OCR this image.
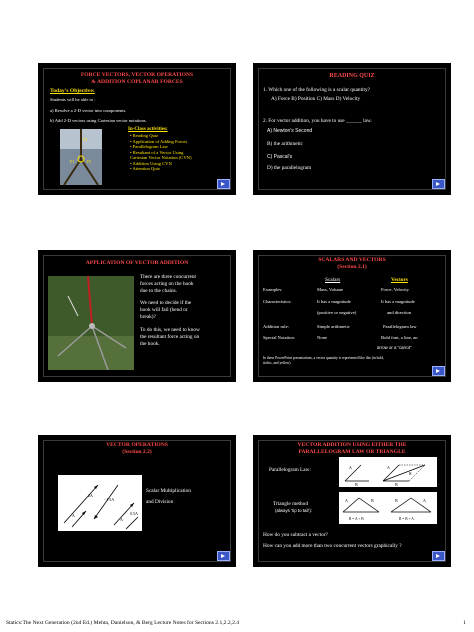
FORCE VECTORS, VECTOR OPERATIONS
& ADDITION COPLANAR FORCES
Today's Objective:
Students will be able to :
a) Resolve a 2-D vector into components.
b) Add 2-D vectors using Cartesian vector notations.
F1	F2
F3
In-Class activities:
• Reading Quiz
• Application of Adding Forces
• Parallelogram Law
• Resultant of a Vector Using
Cartesian Vector Notation (CVN)
• Addition Using CVN
• Attention Quiz
READING QUIZ
1. Which one of the following is a scalar quantity?
A) Force B) Position C) Mass D) Velocity
2. For vector addition, you have to use ______ law.
A) Newton's Second
B) the arithmetic
C) Pascal's
D) the parallelogram
APPLICATION OF VECTOR ADDITION
There are three concurrent
forces acting on the hook
due to the chains.
We need to decide if the
hook will fail (bend or
break)?
To do this, we need to know
the resultant force acting on
the hook.
SCALARS AND VECTORS
(Section 2.1)
Scalars	Vectors
Examples:	Mass, Volume	Force, Velocity
Characteristics:	It has a magnitude	It has a magnitude
(positive or negative)	and direction
Addition rule:	Simple arithmetic	Parallelogram law
Special Notation:	None	Bold font, a line, an
arrow or a “carrot”
In these PowerPoint presentations, a vector quantity is represented like this (in bold,
italics, and yellow).
VECTOR OPERATIONS
(Section 2.2)
2A
A
−1.5A
A
0.5A
Scalar Multiplication
and Division
VECTOR ADDITION USING EITHER THE
PARALLELOGRAM LAW OR TRIANGLE
Parallelogram Law:	A
B
A
B
R
Triangle method
(always ‘tip to tail’):
A	B
R = A + B
B	A
R = B + A
How do you subtract a vector?
How can you add more than two concurrent vectors graphically ?
Statics:The Next Generation (2nd Ed.) Mehta, Danielson, & Berg Lecture Notes for Sections 2.1,2.2,2.4	1
